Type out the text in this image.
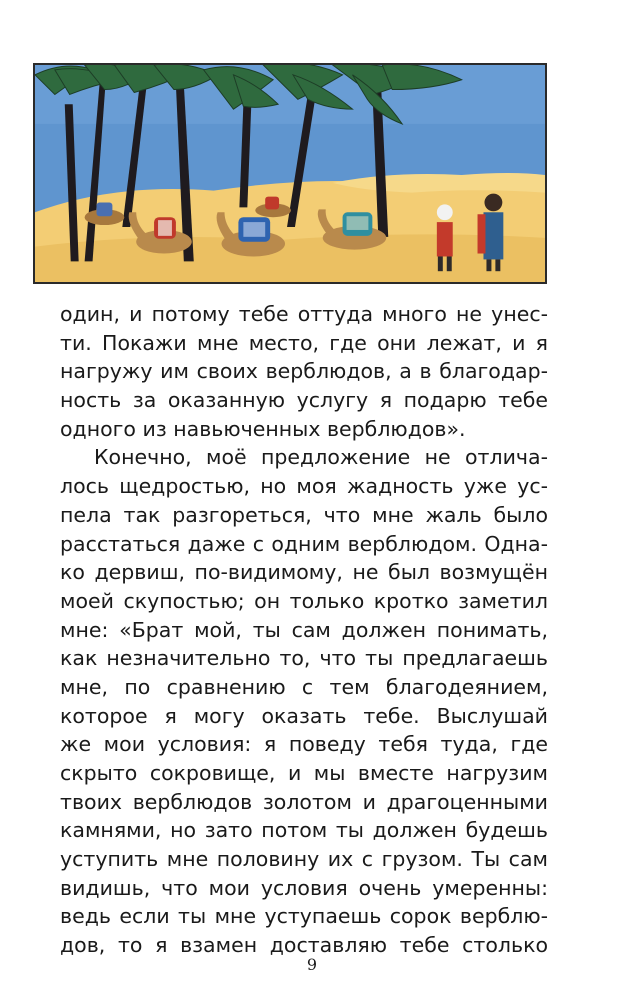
один, и потому тебе оттуда много не унес-
ти. Покажи мне место, где они лежат, и я
нагружу им своих верблюдов, а в благодар-
ность за оказанную услугу я подарю тебе
одного из навьюченных верблюдов».
Конечно, моё предложение не отлича-
лось щедростью, но моя жадность уже ус-
пела так разгореться, что мне жаль было
расстаться даже с одним верблюдом. Одна-
ко дервиш, по-видимому, не был возмущён
моей скупостью; он только кротко заметил
мне: «Брат мой, ты сам должен понимать,
как незначительно то, что ты предлагаешь
мне, по сравнению с тем благодеянием,
которое я могу оказать тебе. Выслушай
же мои условия: я поведу тебя туда, где
скрыто сокровище, и мы вместе нагрузим
твоих верблюдов золотом и драгоценными
камнями, но зато потом ты должен будешь
уступить мне половину их с грузом. Ты сам
видишь, что мои условия очень умеренны:
ведь если ты мне уступаешь сорок верблю-
дов, то я взамен доставляю тебе столько
9
